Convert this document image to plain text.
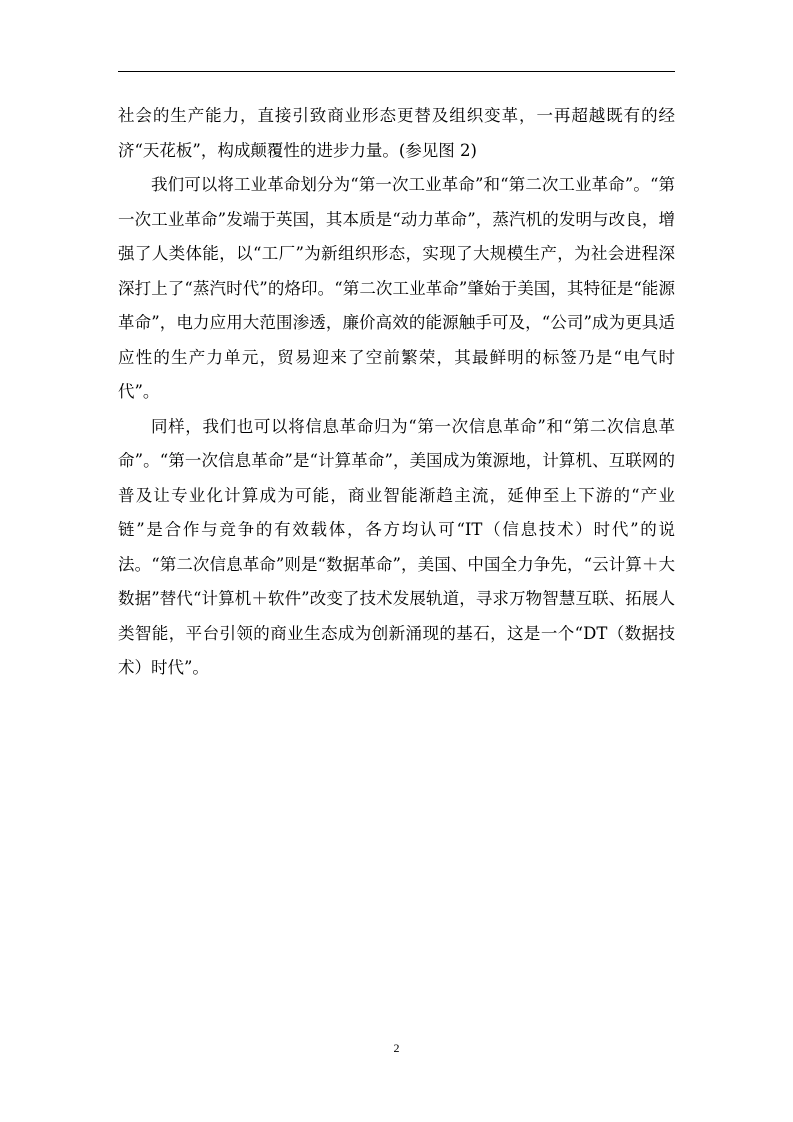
社会的生产能力，直接引致商业形态更替及组织变革，一再超越既有的经济“天花板”，构成颠覆性的进步力量。(参见图 2)

我们可以将工业革命划分为“第一次工业革命”和“第二次工业革命”。“第一次工业革命”发端于英国，其本质是“动力革命”，蒸汽机的发明与改良，增强了人类体能，以“工厂”为新组织形态，实现了大规模生产，为社会进程深深打上了“蒸汽时代”的烙印。“第二次工业革命”肇始于美国，其特征是“能源革命”，电力应用大范围渗透，廉价高效的能源触手可及，“公司”成为更具适应性的生产力单元，贸易迎来了空前繁荣，其最鲜明的标签乃是“电气时代”。

同样，我们也可以将信息革命归为“第一次信息革命”和“第二次信息革命”。“第一次信息革命”是“计算革命”，美国成为策源地，计算机、互联网的普及让专业化计算成为可能，商业智能渐趋主流，延伸至上下游的“产业链”是合作与竞争的有效载体，各方均认可“IT（信息技术）时代”的说法。“第二次信息革命”则是“数据革命”，美国、中国全力争先，“云计算＋大数据”替代“计算机＋软件”改变了技术发展轨道，寻求万物智慧互联、拓展人类智能，平台引领的商业生态成为创新涌现的基石，这是一个“DT（数据技术）时代”。

2
